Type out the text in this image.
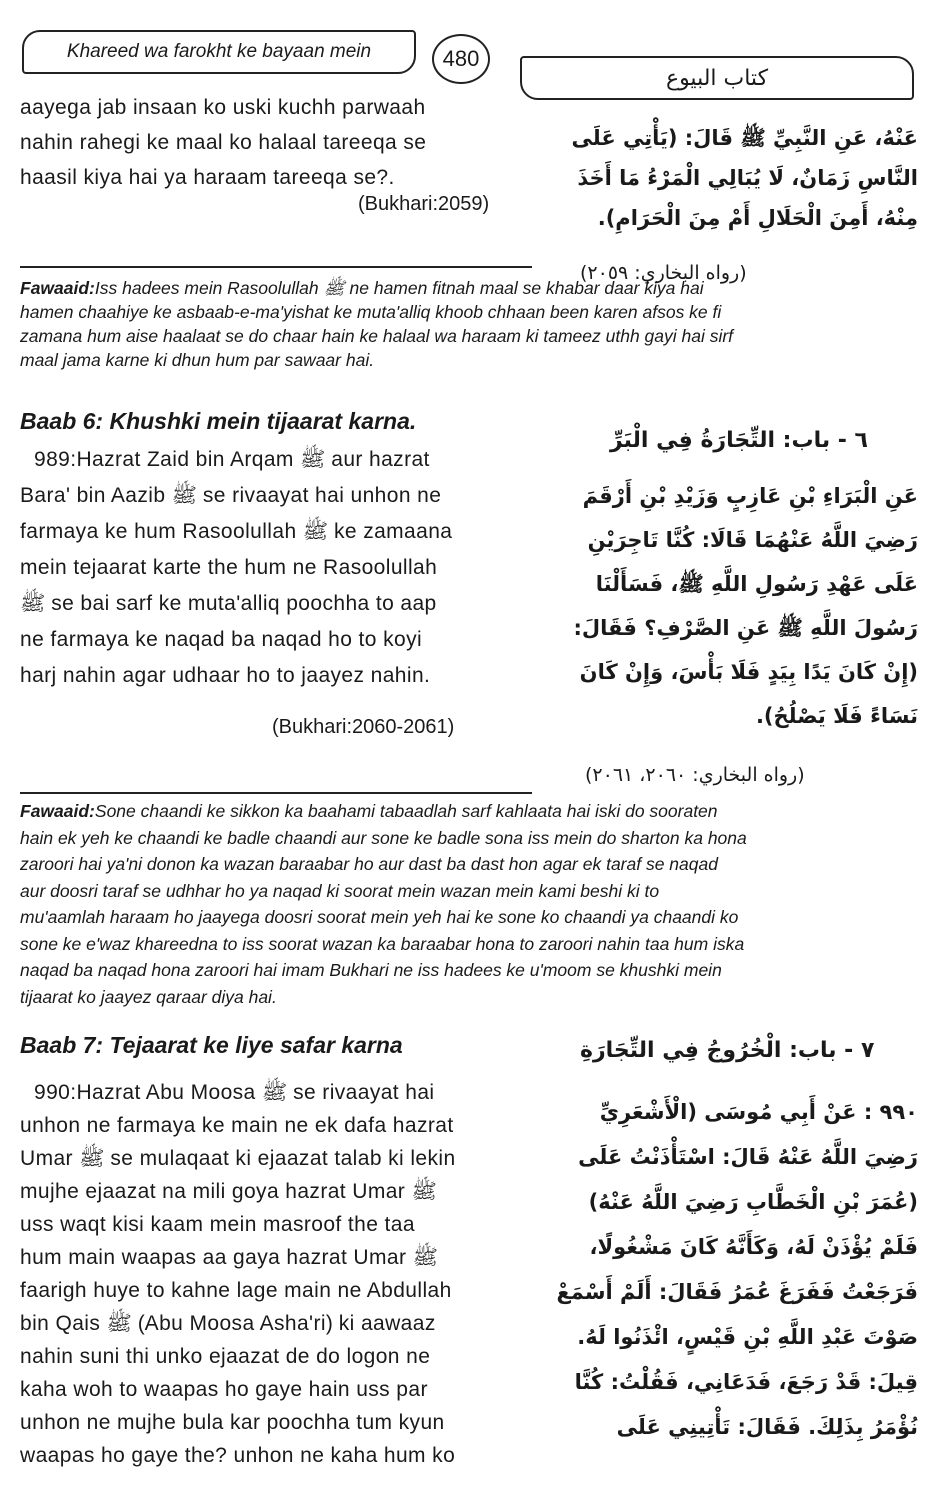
Khareed wa farokht ke bayaan mein	480
كتاب البيوع
aayega jab insaan ko uski kuchh parwaah
nahin rahegi ke maal ko halaal tareeqa se
haasil kiya hai ya haraam tareeqa se?.
(Bukhari:2059)
عَنْهُ، عَنِ النَّبِيِّ ﷺ قَالَ: (يَأْتِي عَلَى
النَّاسِ زَمَانٌ، لَا يُبَالِي الْمَرْءُ مَا أَخَذَ
مِنْهُ، أَمِنَ الْحَلَالِ أَمْ مِنَ الْحَرَامِ).
(رواه البخاري: ٢٠٥٩)
Fawaaid:Iss hadees mein Rasoolullah ﷺ ne hamen fitnah maal se khabar daar kiya hai
hamen chaahiye ke asbaab-e-ma'yishat ke muta'alliq khoob chhaan been karen afsos ke fi
zamana hum aise haalaat se do chaar hain ke halaal wa haraam ki tameez uthh gayi hai sirf
maal jama karne ki dhun hum par sawaar hai.
Baab 6: Khushki mein tijaarat karna.
٦ - باب: التِّجَارَةُ فِي الْبَرِّ
989:Hazrat Zaid bin Arqam ﷺ aur hazrat
Bara' bin Aazib ﷺ se rivaayat hai unhon ne
farmaya ke hum Rasoolullah ﷺ ke zamaana
mein tejaarat karte the hum ne Rasoolullah
ﷺ se bai sarf ke muta'alliq poochha to aap
ne farmaya ke naqad ba naqad ho to koyi
harj nahin agar udhaar ho to jaayez nahin.
(Bukhari:2060-2061)
عَنِ الْبَرَاءِ بْنِ عَازِبٍ وَزَيْدِ بْنِ أَرْقَمَ
رَضِيَ اللَّهُ عَنْهُمَا قَالَا: كُنَّا تَاجِرَيْنِ
عَلَى عَهْدِ رَسُولِ اللَّهِ ﷺ، فَسَأَلْنَا
رَسُولَ اللَّهِ ﷺ عَنِ الصَّرْفِ؟ فَقَالَ:
(إِنْ كَانَ يَدًا بِيَدٍ فَلَا بَأْسَ، وَإِنْ كَانَ
نَسَاءً فَلَا يَصْلُحُ).
(رواه البخاري: ٢٠٦٠، ٢٠٦١)
Fawaaid:Sone chaandi ke sikkon ka baahami tabaadlah sarf kahlaata hai iski do sooraten
hain ek yeh ke chaandi ke badle chaandi aur sone ke badle sona iss mein do sharton ka hona
zaroori hai ya'ni donon ka wazan baraabar ho aur dast ba dast hon agar ek taraf se naqad
aur doosri taraf se udhhar ho ya naqad ki soorat mein wazan mein kami beshi ki to
mu'aamlah haraam ho jaayega doosri soorat mein yeh hai ke sone ko chaandi ya chaandi ko
sone ke e'waz khareedna to iss soorat wazan ka baraabar hona to zaroori nahin taa hum iska
naqad ba naqad hona zaroori hai imam Bukhari ne iss hadees ke u'moom se khushki mein
tijaarat ko jaayez qaraar diya hai.
Baab 7: Tejaarat ke liye safar karna	٧ - باب: الْخُرُوجُ فِي التِّجَارَةِ
990:Hazrat Abu Moosa ﷺ se rivaayat hai
unhon ne farmaya ke main ne ek dafa hazrat
Umar ﷺ se mulaqaat ki ejaazat talab ki lekin
mujhe ejaazat na mili goya hazrat Umar ﷺ
uss waqt kisi kaam mein masroof the taa
hum main waapas aa gaya hazrat Umar ﷺ
faarigh huye to kahne lage main ne Abdullah
bin Qais ﷺ (Abu Moosa Asha'ri) ki aawaaz
nahin suni thi unko ejaazat de do logon ne
kaha woh to waapas ho gaye hain uss par
unhon ne mujhe bula kar poochha tum kyun
waapas ho gaye the? unhon ne kaha hum ko
٩٩٠ : عَنْ أَبِي مُوسَى (الْأَشْعَرِيِّ
رَضِيَ اللَّهُ عَنْهُ قَالَ: اسْتَأْذَنْتُ عَلَى
(عُمَرَ بْنِ الْخَطَّابِ رَضِيَ اللَّهُ عَنْهُ)
فَلَمْ يُؤْذَنْ لَهُ، وَكَأَنَّهُ كَانَ مَشْغُولًا،
فَرَجَعْتُ فَفَرَغَ عُمَرُ فَقَالَ: أَلَمْ أَسْمَعْ
صَوْتَ عَبْدِ اللَّهِ بْنِ قَيْسٍ، ائْذَنُوا لَهُ.
قِيلَ: قَدْ رَجَعَ، فَدَعَانِي، فَقُلْتُ: كُنَّا
نُؤْمَرُ بِذَلِكَ. فَقَالَ: تَأْتِينِي عَلَى
